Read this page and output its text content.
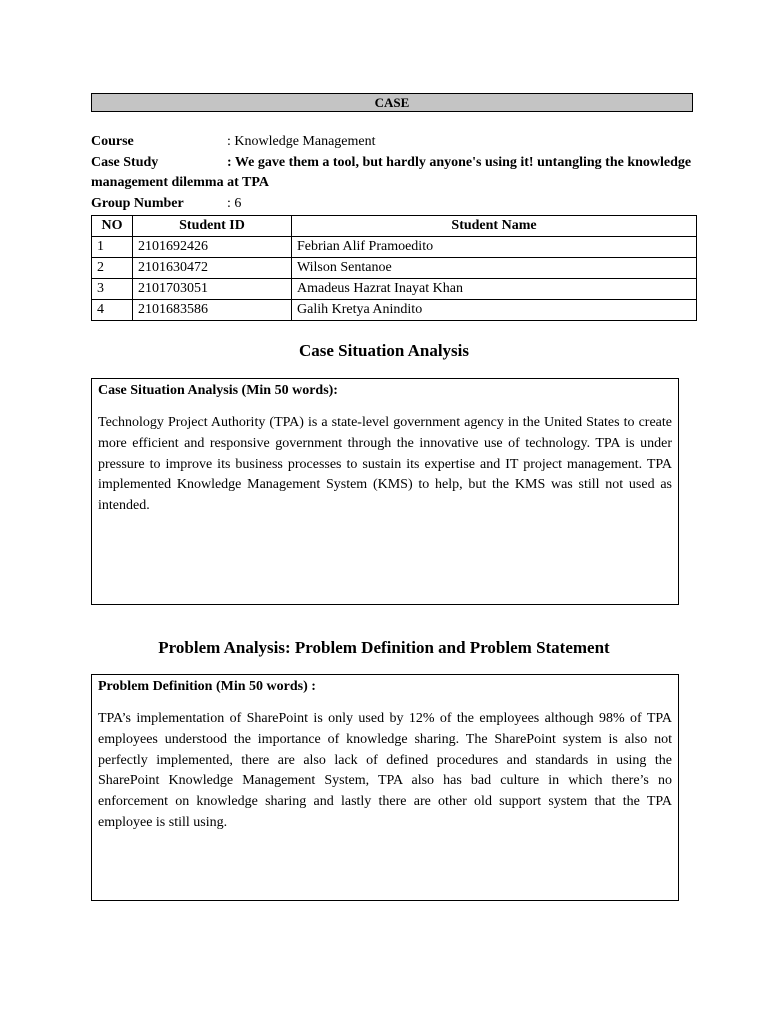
CASE
Course	: Knowledge Management
Case Study	: We gave them a tool, but hardly anyone's using it! untangling the knowledge management dilemma at TPA
Group Number	: 6
NO	Student ID	Student Name
1	2101692426	Febrian Alif Pramoedito
2	2101630472	Wilson Sentanoe
3	2101703051	Amadeus Hazrat Inayat Khan
4	2101683586	Galih Kretya Anindito
Case Situation Analysis
Case Situation Analysis (Min 50 words):
Technology Project Authority (TPA) is a state-level government agency in the United States to create more efficient and responsive government through the innovative use of technology. TPA is under pressure to improve its business processes to sustain its expertise and IT project management. TPA implemented Knowledge Management System (KMS) to help, but the KMS was still not used as intended.
Problem Analysis: Problem Definition and Problem Statement
Problem Definition (Min 50 words) :
TPA’s implementation of SharePoint is only used by 12% of the employees although 98% of TPA employees understood the importance of knowledge sharing. The SharePoint system is also not perfectly implemented, there are also lack of defined procedures and standards in using the SharePoint Knowledge Management System, TPA also has bad culture in which there’s no enforcement on knowledge sharing and lastly there are other old support system that the TPA employee is still using.
